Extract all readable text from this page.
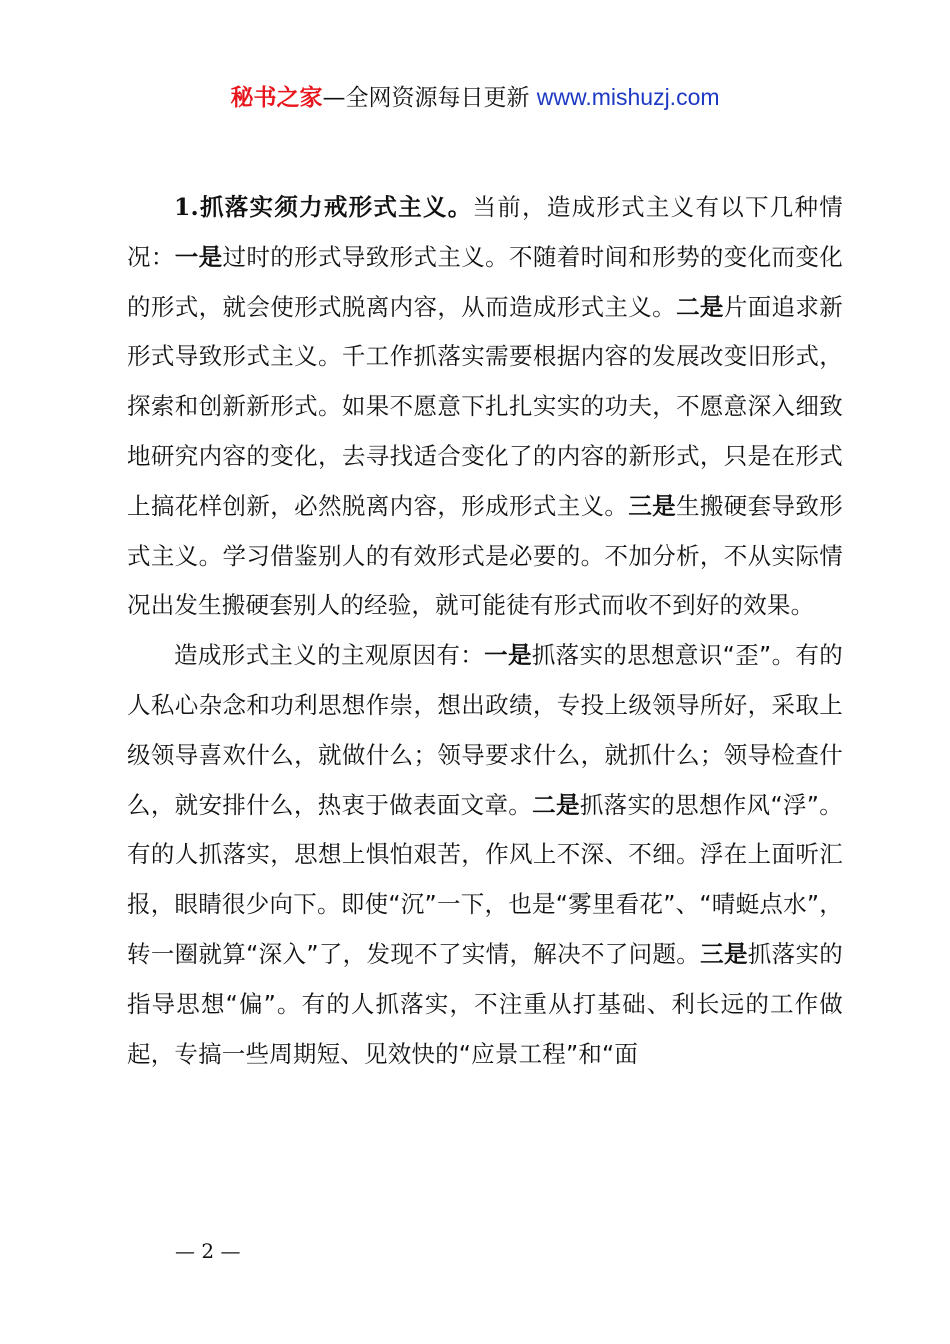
秘书之家—全网资源每日更新 www.mishuzj.com

1.抓落实须力戒形式主义。当前，造成形式主义有以下几种情况：一是过时的形式导致形式主义。不随着时间和形势的变化而变化的形式，就会使形式脱离内容，从而造成形式主义。二是片面追求新形式导致形式主义。千工作抓落实需要根据内容的发展改变旧形式，探索和创新新形式。如果不愿意下扎扎实实的功夫，不愿意深入细致地研究内容的变化，去寻找适合变化了的内容的新形式，只是在形式上搞花样创新，必然脱离内容，形成形式主义。三是生搬硬套导致形式主义。学习借鉴别人的有效形式是必要的。不加分析，不从实际情况出发生搬硬套别人的经验，就可能徒有形式而收不到好的效果。

造成形式主义的主观原因有：一是抓落实的思想意识“歪”。有的人私心杂念和功利思想作崇，想出政绩，专投上级领导所好，采取上级领导喜欢什么，就做什么；领导要求什么，就抓什么；领导检查什么，就安排什么，热衷于做表面文章。二是抓落实的思想作风“浮”。有的人抓落实，思想上惧怕艰苦，作风上不深、不细。浮在上面听汇报，眼睛很少向下。即使“沉”一下，也是“雾里看花”、“晴蜓点水”，转一圈就算“深入”了，发现不了实情，解决不了问题。三是抓落实的指导思想“偏”。有的人抓落实，不注重从打基础、利长远的工作做起，专搞一些周期短、见效快的“应景工程”和“面

— 2 —
